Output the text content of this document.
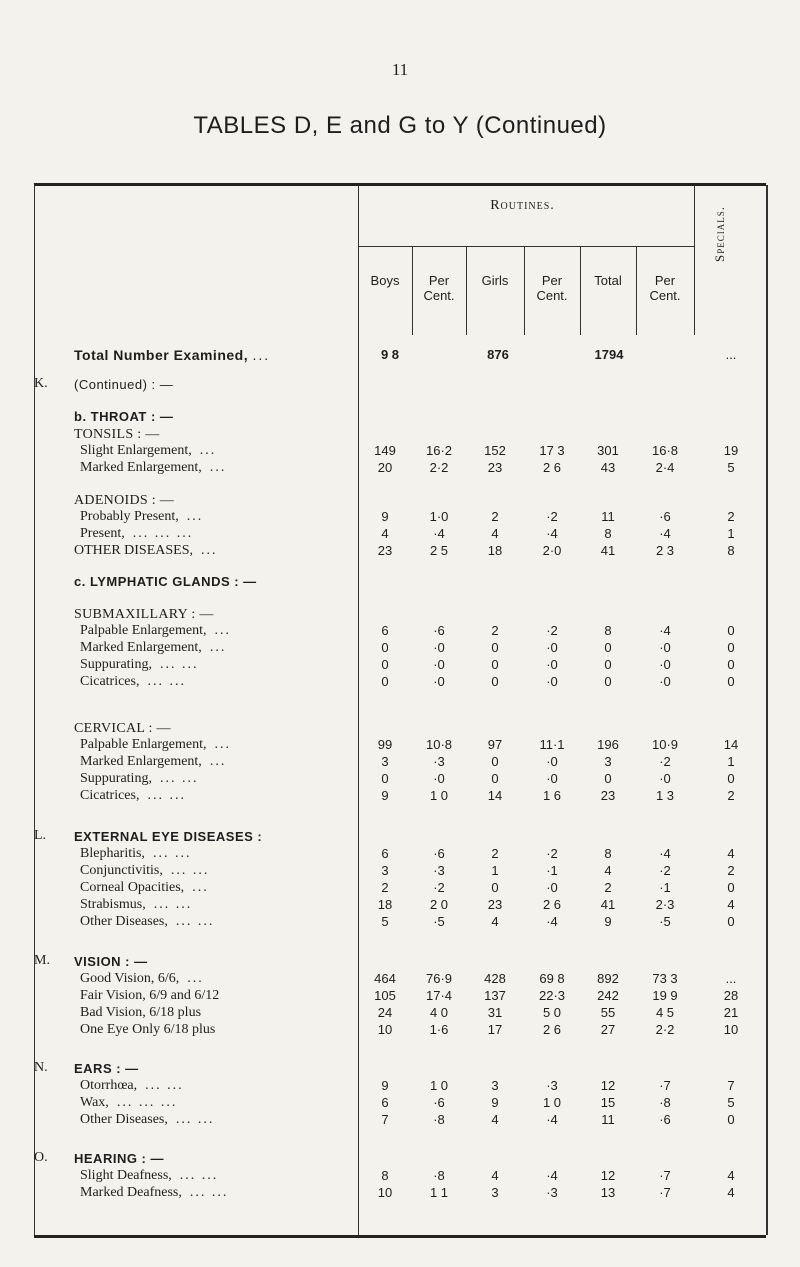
11
TABLES D, E and G to Y (Continued)
Routines.
Specials.
Boys	Per Cent.
Girls	Per Cent.
Total	Per Cent.
Total Number Examined, ...	9 8	876	1794	...
K. (Continued) : —
b. THROAT : —
TONSILS : —
ADENOIDS : —
c. LYMPHATIC GLANDS : —
SUBMAXILLARY : —
CERVICAL : —
L. EXTERNAL EYE DISEASES :
M. VISION : —
N. EARS : —
O. HEARING : —
Slight Enlargement, ...	149	16·2	152	17 3	301	16·8	19
Marked Enlargement, ...	20	2·2	23	2 6	43	2·4	5
Probably Present, ...	9	1·0	2	·2	11	·6	2
Present, ... ... ...	4	·4	4	·4	8	·4	1
OTHER DISEASES, ...	23	2 5	18	2·0	41	2 3	8
Palpable Enlargement, ...	6	·6	2	·2	8	·4	0
Marked Enlargement, ...	0	·0	0	·0	0	·0	0
Suppurating, ... ...	0	·0	0	·0	0	·0	0
Cicatrices, ... ...	0	·0	0	·0	0	·0	0
Palpable Enlargement, ...	99	10·8	97	11·1	196	10·9	14
Marked Enlargement, ...	3	·3	0	·0	3	·2	1
Suppurating, ... ...	0	·0	0	·0	0	·0	0
Cicatrices, ... ...	9	1 0	14	1 6	23	1 3	2
Blepharitis, ... ...	6	·6	2	·2	8	·4	4
Conjunctivitis, ... ...	3	·3	1	·1	4	·2	2
Corneal Opacities, ...	2	·2	0	·0	2	·1	0
Strabismus, ... ...	18	2 0	23	2 6	41	2·3	4
Other Diseases, ... ...	5	·5	4	·4	9	·5	0
Good Vision, 6/6, ...	464	76·9	428	69 8	892	73 3	...
Fair Vision, 6/9 and 6/12	105	17·4	137	22·3	242	19 9	28
Bad Vision, 6/18 plus	24	4 0	31	5 0	55	4 5	21
One Eye Only 6/18 plus	10	1·6	17	2 6	27	2·2	10
Otorrhœa, ... ...	9	1 0	3	·3	12	·7	7
Wax, ... ... ...	6	·6	9	1 0	15	·8	5
Other Diseases, ... ...	7	·8	4	·4	11	·6	0
Slight Deafness, ... ...	8	·8	4	·4	12	·7	4
Marked Deafness, ... ...	10	1 1	3	·3	13	·7	4
